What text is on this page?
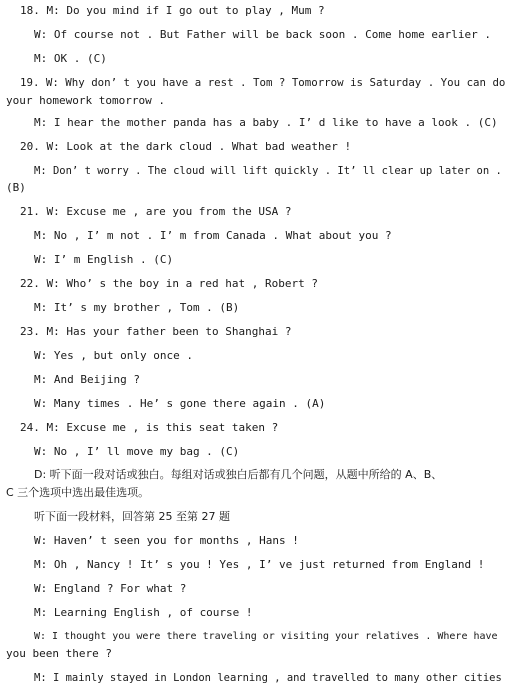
18. M: Do you mind if I go out to play , Mum ?
W: Of course not . But Father will be back soon . Come home earlier .
M: OK . (C)
19. W: Why don’ t you have a rest . Tom ? Tomorrow is Saturday . You can do
your homework tomorrow .
M: I hear the mother panda has a baby . I’ d like to have a look . (C)
20. W: Look at the dark cloud . What bad weather !
M: Don’ t worry . The cloud will lift quickly . It’ ll clear up later on .
(B)
21. W: Excuse me , are you from the USA ?
M: No , I’ m not . I’ m from Canada . What about you ?
W: I’ m English . (C)
22. W: Who’ s the boy in a red hat , Robert ?
M: It’ s my brother , Tom . (B)
23. M: Has your father been to Shanghai ?
W: Yes , but only once .
M: And Beijing ?
W: Many times . He’ s gone there again . (A)
24. M: Excuse me , is this seat taken ?
W: No , I’ ll move my bag . (C)
D: 听下面一段对话或独白。每组对话或独白后都有几个问题，从题中所给的 A、B、
C 三个选项中选出最佳选项。
听下面一段材料，回答第 25 至第 27 题
W: Haven’ t seen you for months , Hans !
M: Oh , Nancy ! It’ s you ! Yes , I’ ve just returned from England !
W: England ? For what ?
M: Learning English , of course !
W: I thought you were there traveling or visiting your relatives . Where have
you been there ?
M: I mainly stayed in London learning , and travelled to many other cities
